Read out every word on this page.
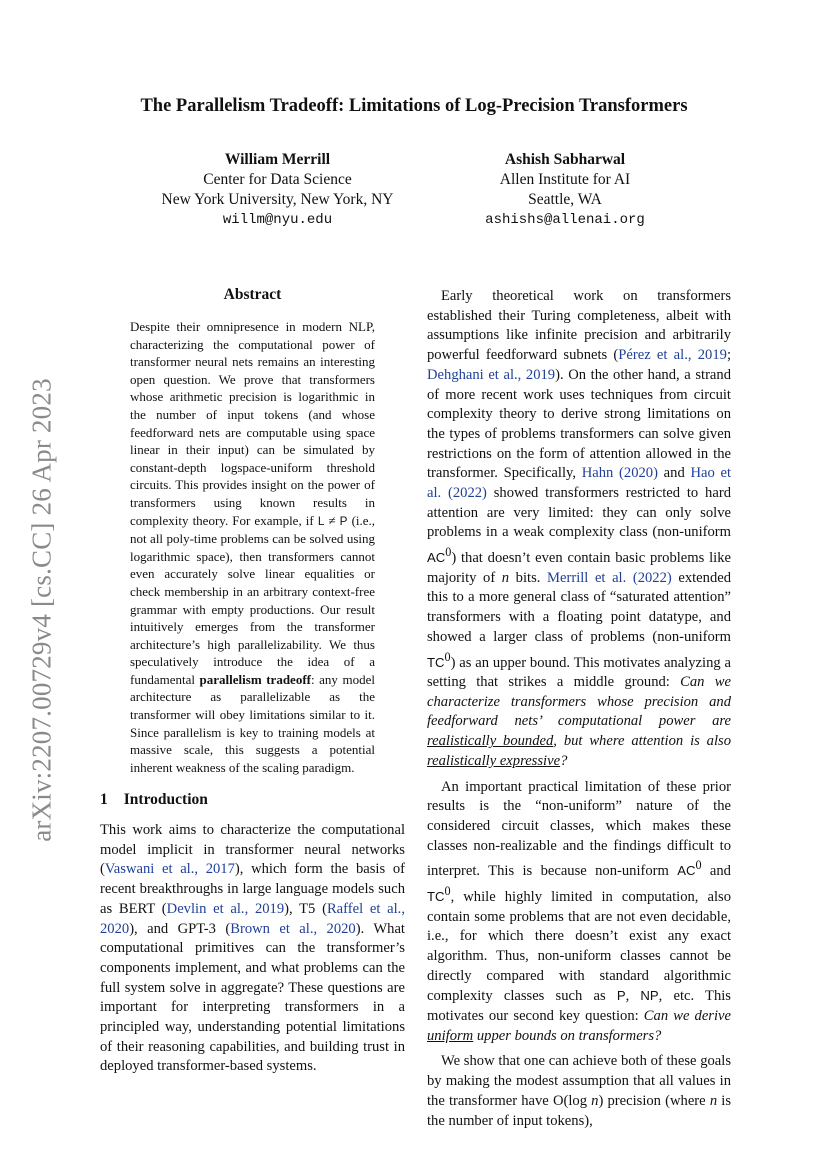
arXiv:2207.00729v4 [cs.CC] 26 Apr 2023
The Parallelism Tradeoff: Limitations of Log-Precision Transformers
William Merrill
Center for Data Science
New York University, New York, NY
willm@nyu.edu
Ashish Sabharwal
Allen Institute for AI
Seattle, WA
ashishs@allenai.org
Abstract

Despite their omnipresence in modern NLP, characterizing the computational power of transformer neural nets remains an interesting open question. We prove that transformers whose arithmetic precision is logarithmic in the number of input tokens (and whose feedforward nets are computable using space linear in their input) can be simulated by constant-depth logspace-uniform threshold circuits. This provides insight on the power of transformers using known results in complexity theory. For example, if L ≠ P (i.e., not all poly-time problems can be solved using logarithmic space), then transformers cannot even accurately solve linear equalities or check membership in an arbitrary context-free grammar with empty productions. Our result intuitively emerges from the transformer architecture’s high parallelizability. We thus speculatively introduce the idea of a fundamental parallelism tradeoff: any model architecture as parallelizable as the transformer will obey limitations similar to it. Since parallelism is key to training models at massive scale, this suggests a potential inherent weakness of the scaling paradigm.

1 Introduction

This work aims to characterize the computational model implicit in transformer neural networks (Vaswani et al., 2017), which form the basis of recent breakthroughs in large language models such as BERT (Devlin et al., 2019), T5 (Raffel et al., 2020), and GPT-3 (Brown et al., 2020). What computational primitives can the transformer’s components implement, and what problems can the full system solve in aggregate? These questions are important for interpreting transformers in a principled way, understanding potential limitations of their reasoning capabilities, and building trust in deployed transformer-based systems.

Early theoretical work on transformers established their Turing completeness, albeit with assumptions like infinite precision and arbitrarily powerful feedforward subnets (Pérez et al., 2019; Dehghani et al., 2019). On the other hand, a strand of more recent work uses techniques from circuit complexity theory to derive strong limitations on the types of problems transformers can solve given restrictions on the form of attention allowed in the transformer. Specifically, Hahn (2020) and Hao et al. (2022) showed transformers restricted to hard attention are very limited: they can only solve problems in a weak complexity class (non-uniform $AC^0$) that doesn’t even contain basic problems like majority of n bits. Merrill et al. (2022) extended this to a more general class of “saturated attention” transformers with a floating point datatype, and showed a larger class of problems (non-uniform $TC^0$) as an upper bound. This motivates analyzing a setting that strikes a middle ground: Can we characterize transformers whose precision and feedforward nets’ computational power are realistically bounded, but where attention is also realistically expressive?

An important practical limitation of these prior results is the “non-uniform” nature of the considered circuit classes, which makes these classes non-realizable and the findings difficult to interpret. This is because non-uniform $AC^0$ and $TC^0$, while highly limited in computation, also contain some problems that are not even decidable, i.e., for which there doesn’t exist any exact algorithm. Thus, non-uniform classes cannot be directly compared with standard algorithmic complexity classes such as P, NP, etc. This motivates our second key question: Can we derive uniform upper bounds on transformers?

We show that one can achieve both of these goals by making the modest assumption that all values in the transformer have O(log n) precision (where n is the number of input tokens),
